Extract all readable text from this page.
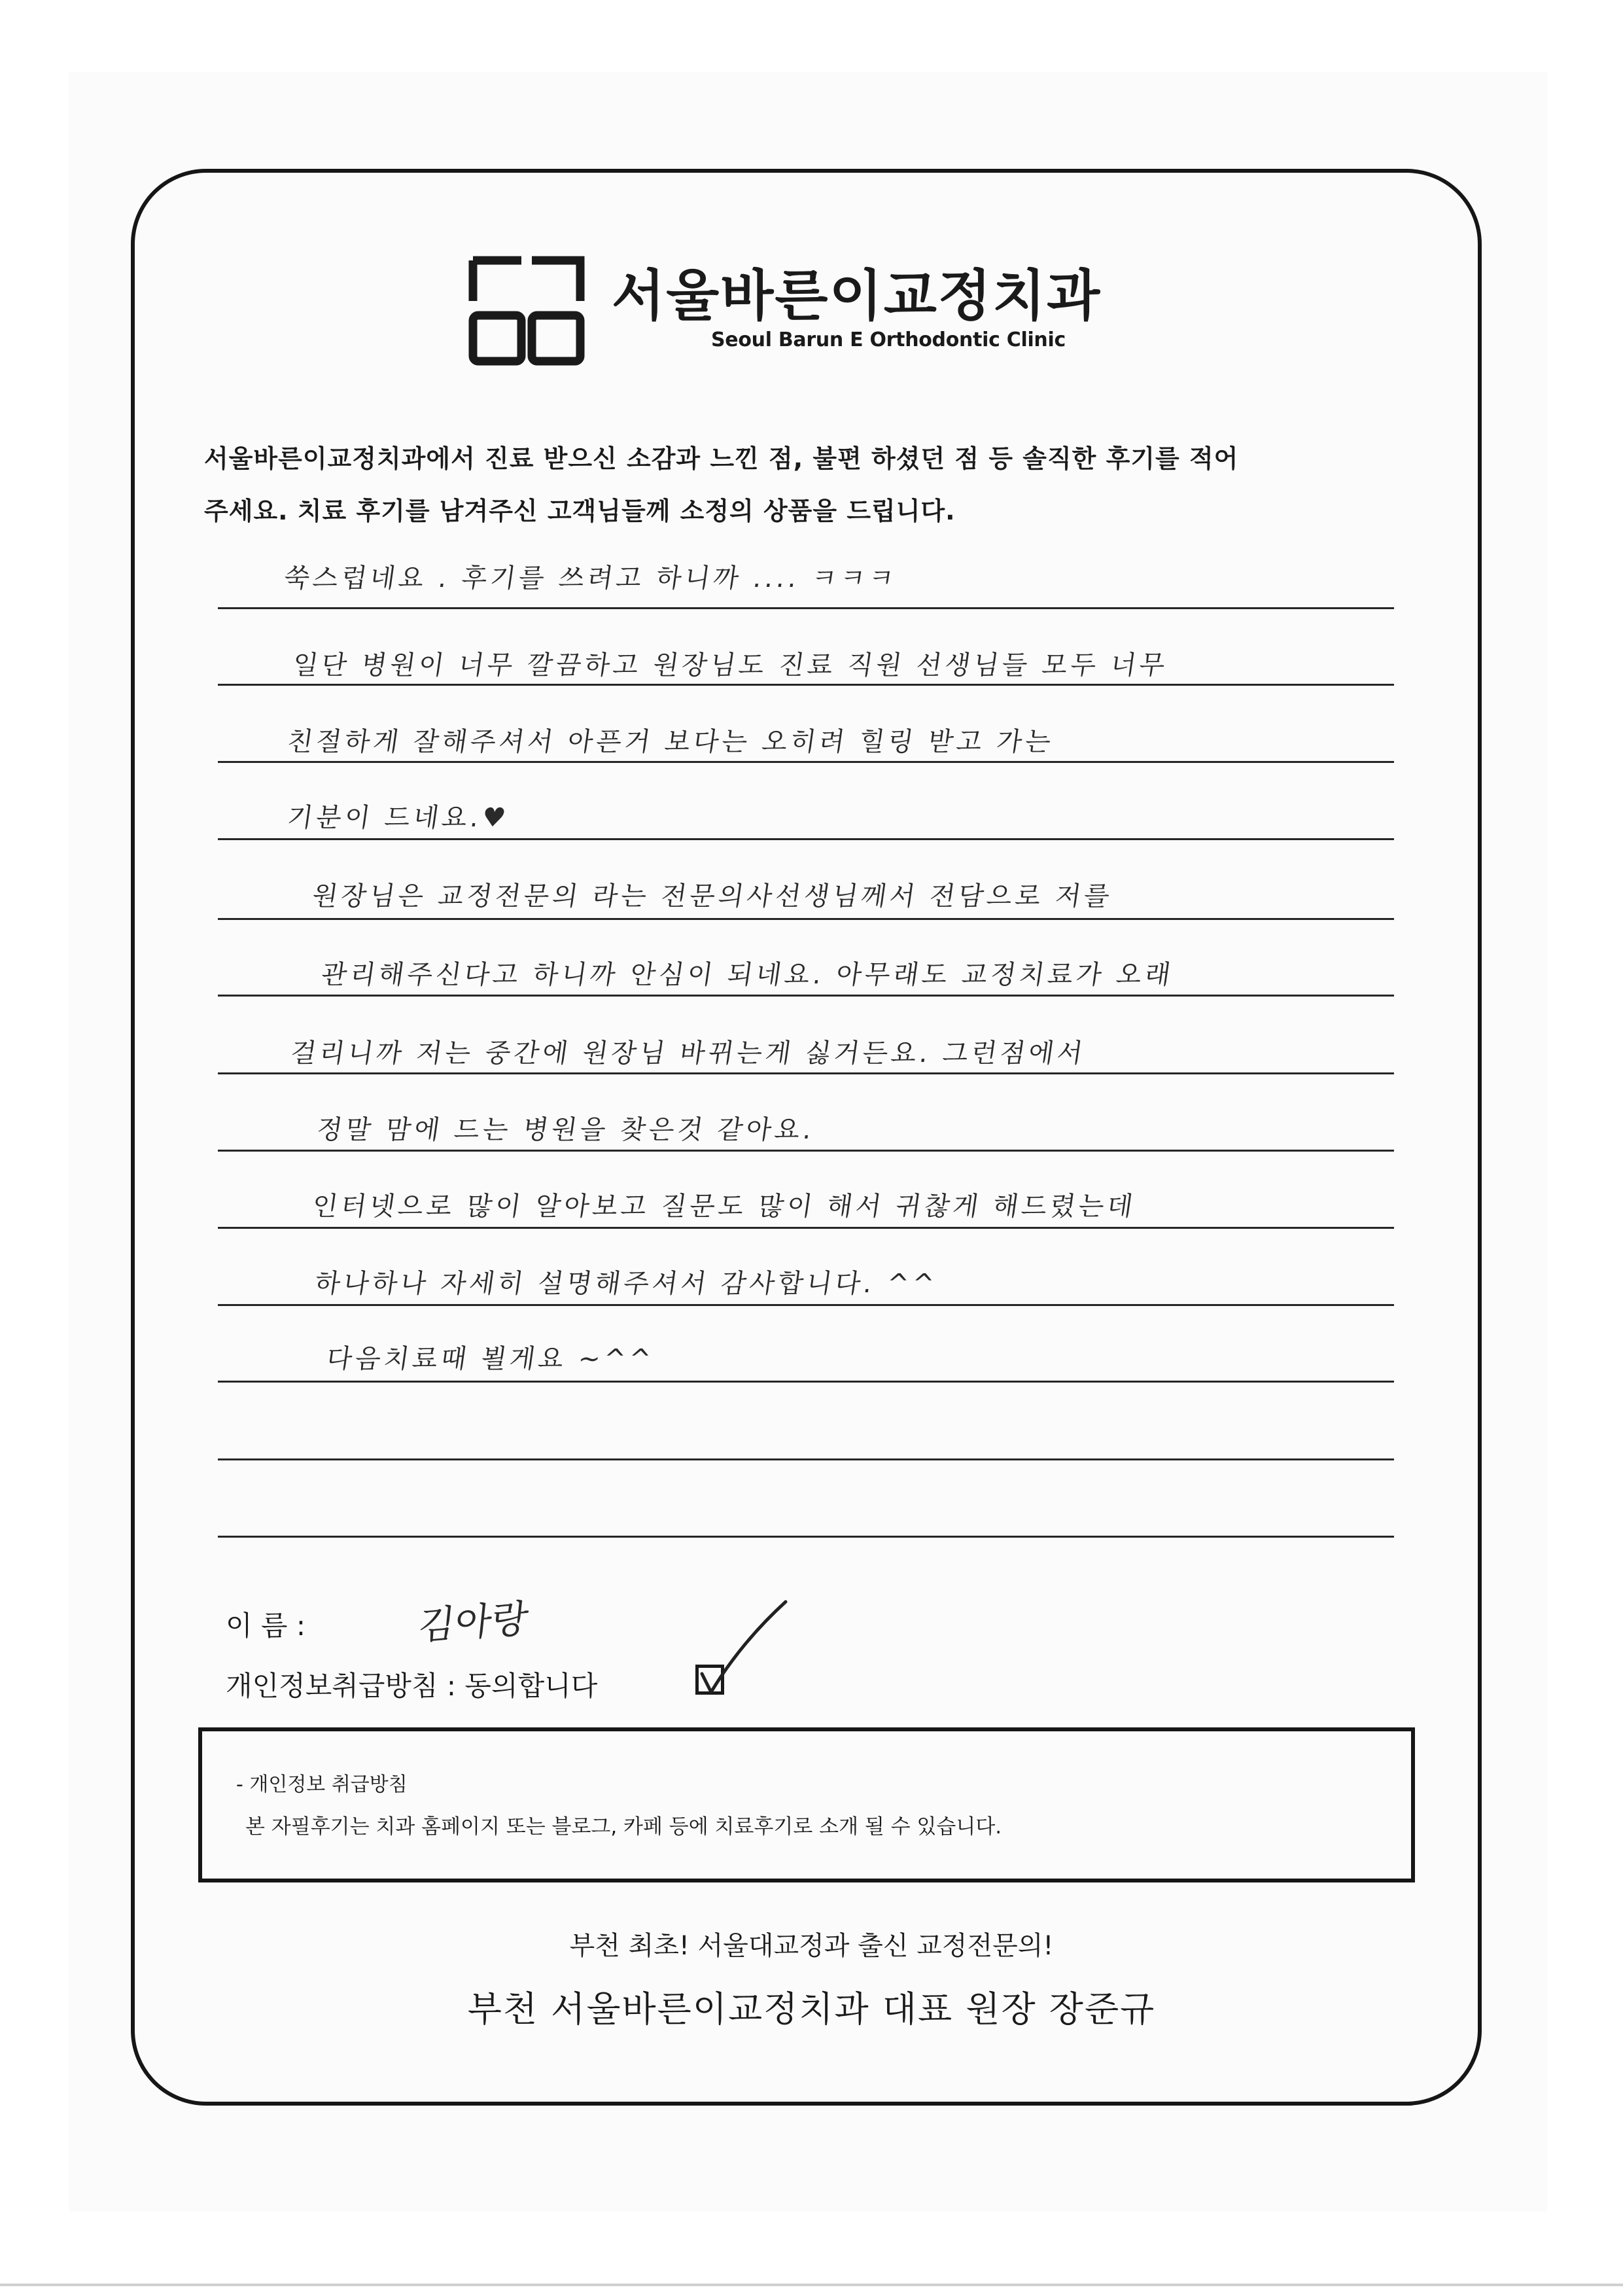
서울바른이교정치과
Seoul Barun E Orthodontic Clinic
서울바른이교정치과에서 진료 받으신 소감과 느낀 점, 불편 하셨던 점 등 솔직한 후기를 적어
주세요. 치료 후기를 남겨주신 고객님들께 소정의 상품을 드립니다.
쑥스럽네요 . 후기를 쓰려고 하니까 .... ㅋㅋㅋ
일단 병원이 너무 깔끔하고 원장님도 진료 직원 선생님들 모두 너무
친절하게 잘해주셔서 아픈거 보다는 오히려 힐링 받고 가는
기분이 드네요.♥
원장님은 교정전문의 라는 전문의사선생님께서 전담으로 저를
관리해주신다고 하니까 안심이 되네요. 아무래도 교정치료가 오래
걸리니까 저는 중간에 원장님 바뀌는게 싫거든요. 그런점에서
정말 맘에 드는 병원을 찾은것 같아요.
인터넷으로 많이 알아보고 질문도 많이 해서 귀찮게 해드렸는데
하나하나 자세히 설명해주셔서 감사합니다. ^^
다음치료때 뵐게요 ~^^
이 름 :	김아랑
개인정보취급방침 : 동의합니다
- 개인정보 취급방침
본 자필후기는 치과 홈페이지 또는 블로그, 카페 등에 치료후기로 소개 될 수 있습니다.
부천 최초! 서울대교정과 출신 교정전문의!
부천 서울바른이교정치과 대표 원장 장준규
